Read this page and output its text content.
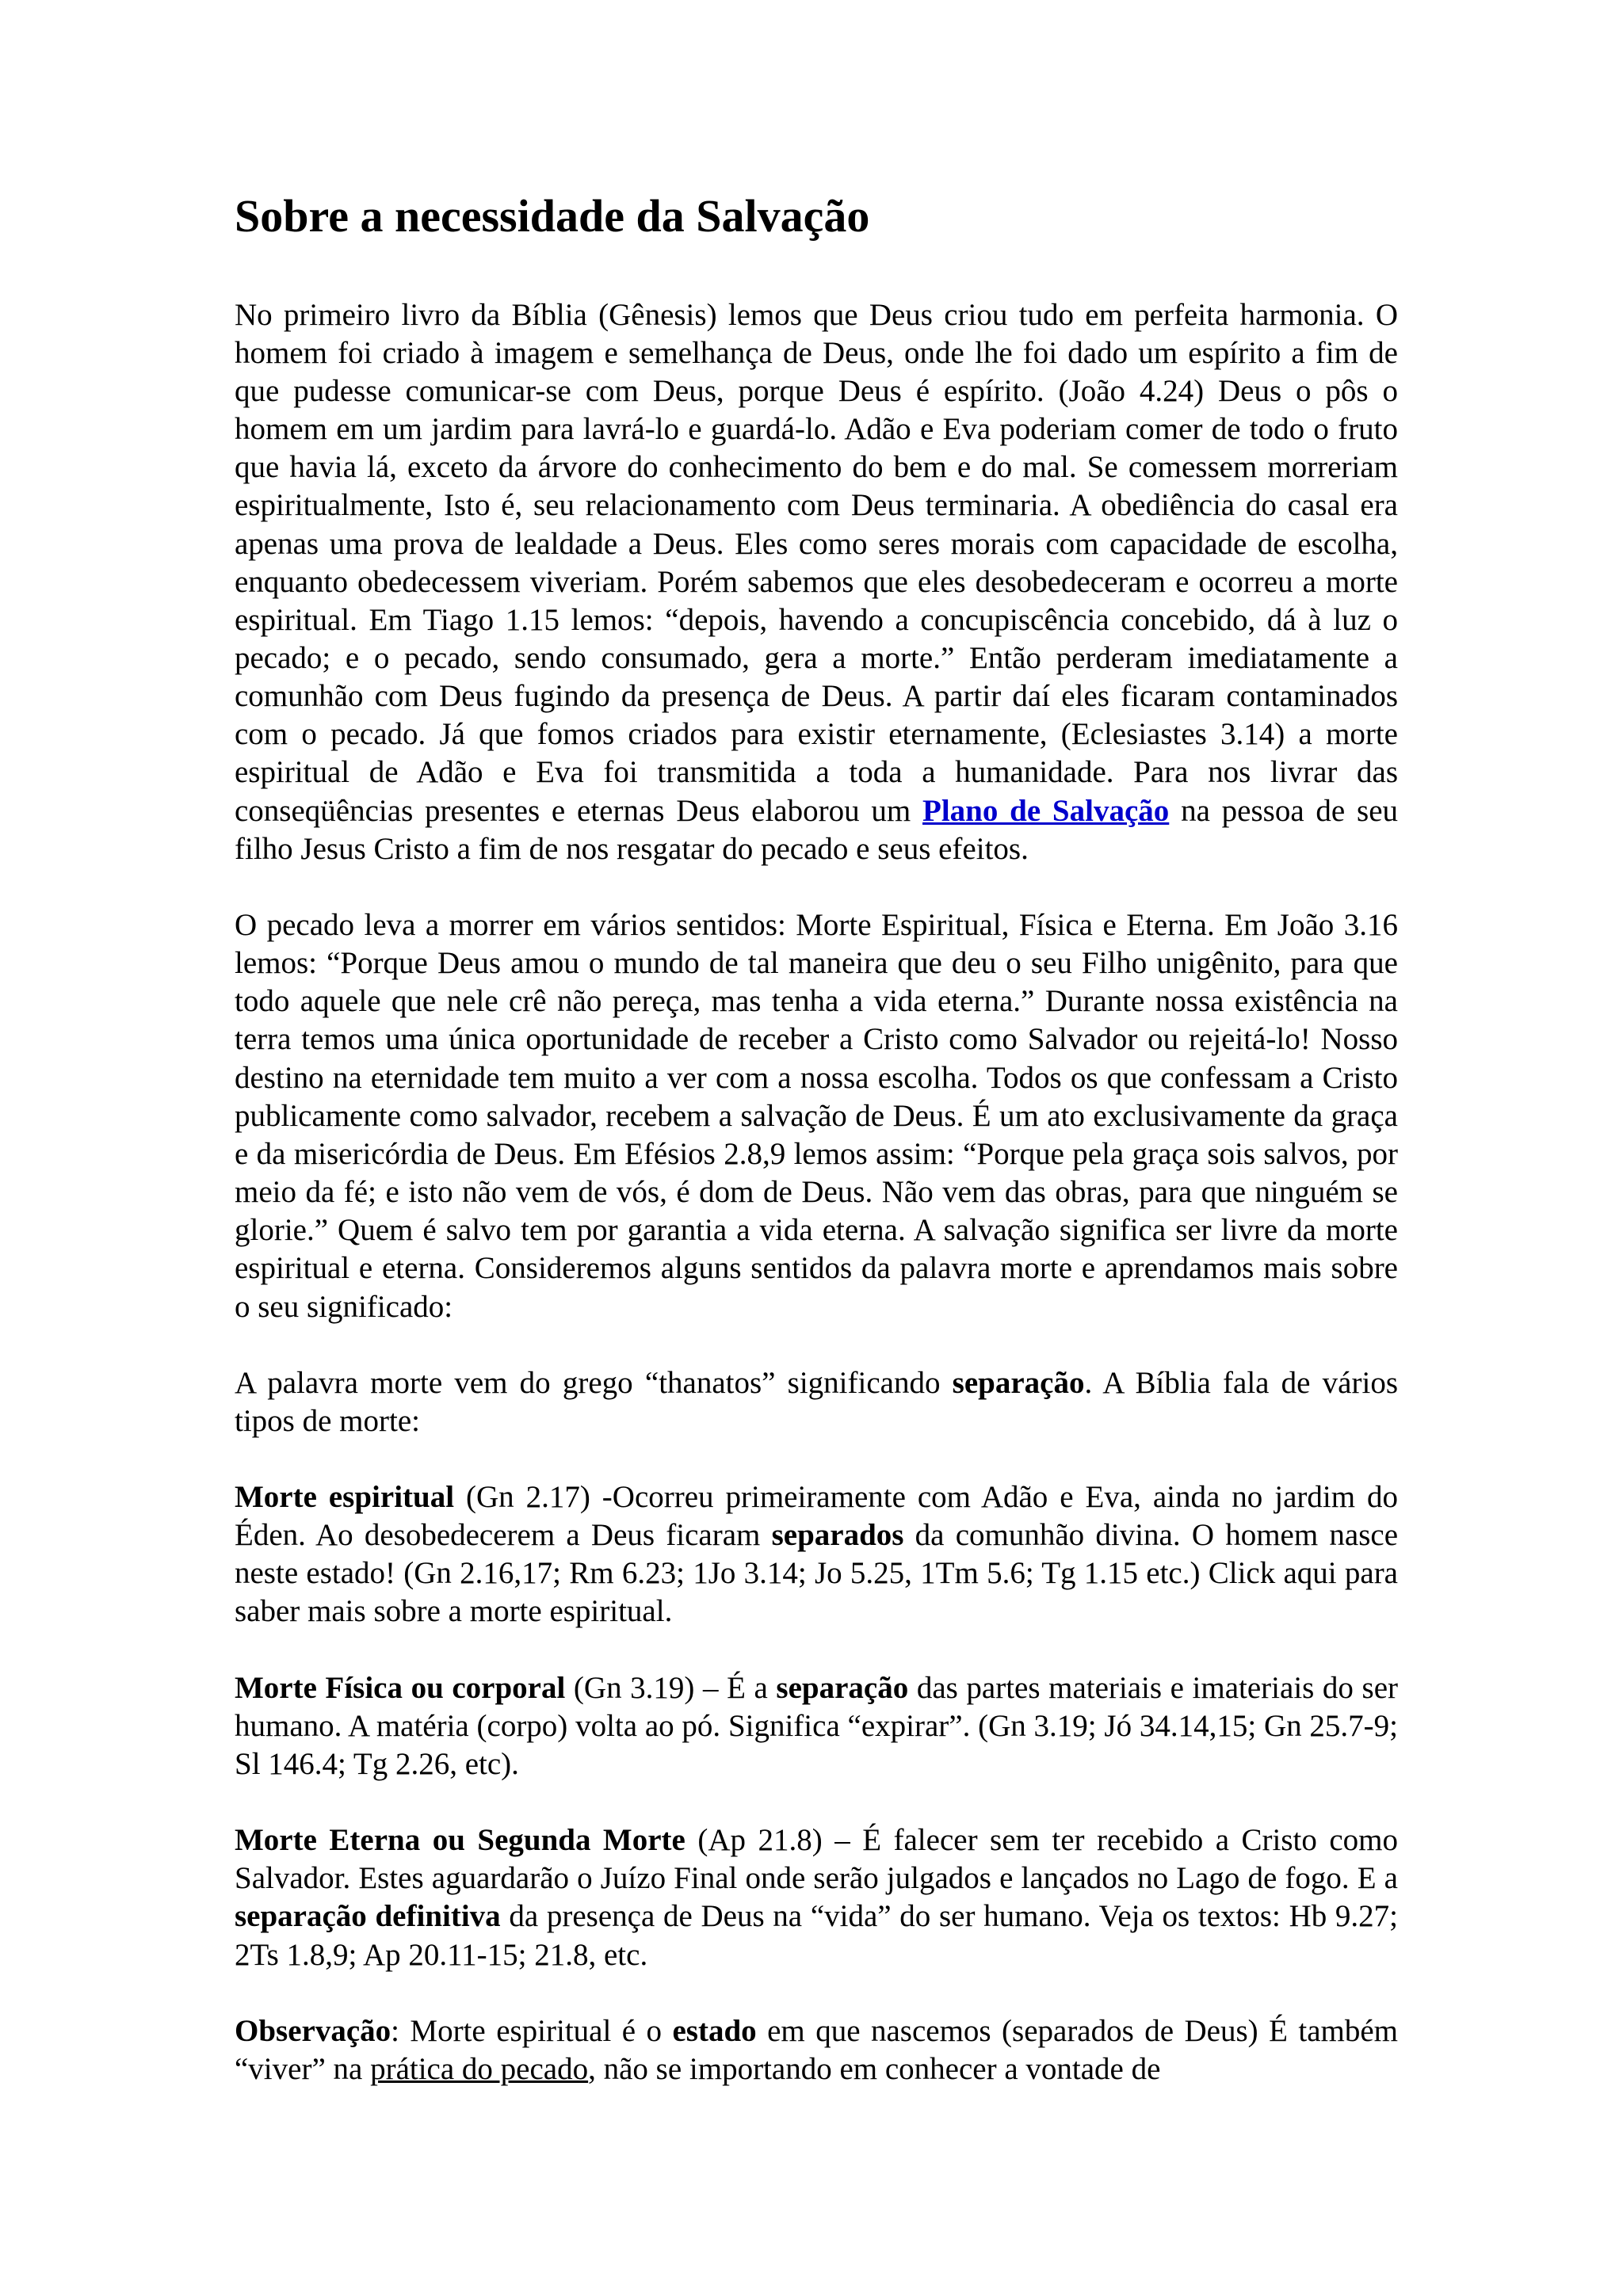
Sobre a necessidade da Salvação

No primeiro livro da Bíblia (Gênesis) lemos que Deus criou tudo em perfeita harmonia. O homem foi criado à imagem e semelhança de Deus, onde lhe foi dado um espírito a fim de que pudesse comunicar-se com Deus, porque Deus é espírito. (João 4.24) Deus o pôs o homem em um jardim para lavrá-lo e guardá-lo. Adão e Eva poderiam comer de todo o fruto que havia lá, exceto da árvore do conhecimento do bem e do mal. Se comessem morreriam espiritualmente, Isto é, seu relacionamento com Deus terminaria. A obediência do casal era apenas uma prova de lealdade a Deus. Eles como seres morais com capacidade de escolha, enquanto obedecessem viveriam. Porém sabemos que eles desobedeceram e ocorreu a morte espiritual. Em Tiago 1.15 lemos: “depois, havendo a concupiscência concebido, dá à luz o pecado; e o pecado, sendo consumado, gera a morte.” Então perderam imediatamente a comunhão com Deus fugindo da presença de Deus. A partir daí eles ficaram contaminados com o pecado. Já que fomos criados para existir eternamente, (Eclesiastes 3.14) a morte espiritual de Adão e Eva foi transmitida a toda a humanidade. Para nos livrar das conseqüências presentes e eternas Deus elaborou um Plano de Salvação na pessoa de seu filho Jesus Cristo a fim de nos resgatar do pecado e seus efeitos.

O pecado leva a morrer em vários sentidos: Morte Espiritual, Física e Eterna. Em João 3.16 lemos: “Porque Deus amou o mundo de tal maneira que deu o seu Filho unigênito, para que todo aquele que nele crê não pereça, mas tenha a vida eterna.” Durante nossa existência na terra temos uma única oportunidade de receber a Cristo como Salvador ou rejeitá-lo! Nosso destino na eternidade tem muito a ver com a nossa escolha. Todos os que confessam a Cristo publicamente como salvador, recebem a salvação de Deus. É um ato exclusivamente da graça e da misericórdia de Deus. Em Efésios 2.8,9 lemos assim: “Porque pela graça sois salvos, por meio da fé; e isto não vem de vós, é dom de Deus. Não vem das obras, para que ninguém se glorie.” Quem é salvo tem por garantia a vida eterna. A salvação significa ser livre da morte espiritual e eterna. Consideremos alguns sentidos da palavra morte e aprendamos mais sobre o seu significado:

A palavra morte vem do grego “thanatos” significando separação. A Bíblia fala de vários tipos de morte:

Morte espiritual (Gn 2.17) -Ocorreu primeiramente com Adão e Eva, ainda no jardim do Éden. Ao desobedecerem a Deus ficaram separados da comunhão divina. O homem nasce neste estado! (Gn 2.16,17; Rm 6.23; 1Jo 3.14; Jo 5.25, 1Tm 5.6; Tg 1.15 etc.) Click aqui para saber mais sobre a morte espiritual.

Morte Física ou corporal (Gn 3.19) – É a separação das partes materiais e imateriais do ser humano. A matéria (corpo) volta ao pó. Significa “expirar”. (Gn 3.19; Jó 34.14,15; Gn 25.7-9; Sl 146.4; Tg 2.26, etc).

Morte Eterna ou Segunda Morte (Ap 21.8) – É falecer sem ter recebido a Cristo como Salvador. Estes aguardarão o Juízo Final onde serão julgados e lançados no Lago de fogo. E a separação definitiva da presença de Deus na “vida” do ser humano. Veja os textos: Hb 9.27; 2Ts 1.8,9; Ap 20.11-15; 21.8, etc.

Observação: Morte espiritual é o estado em que nascemos (separados de Deus) É também “viver” na prática do pecado, não se importando em conhecer a vontade de
